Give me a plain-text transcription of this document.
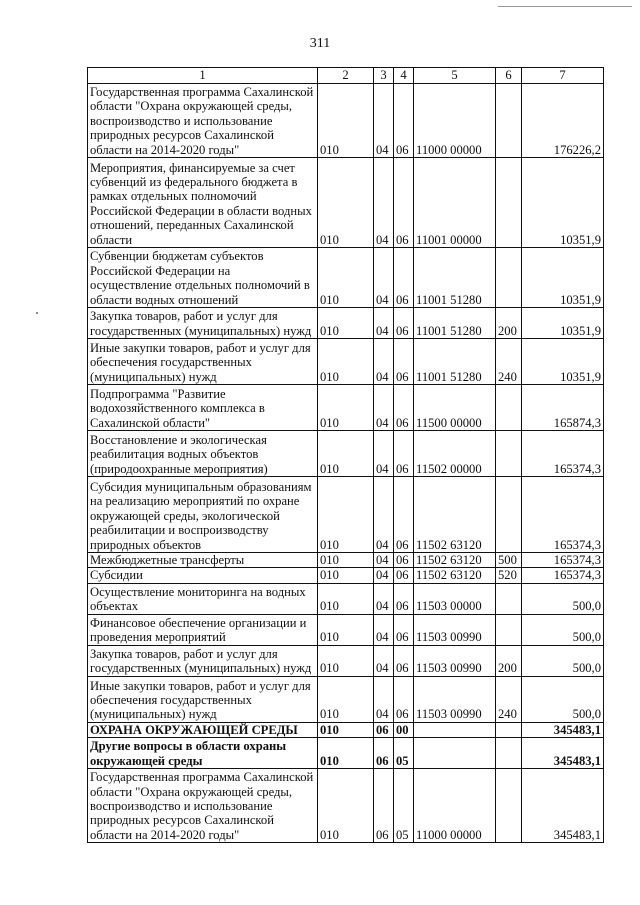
311
1	2	3	4	5	6	7
Государственная программа Сахалинской области "Охрана окружающей среды, воспроизводство и использование природных ресурсов Сахалинской области на 2014-2020 годы"	010	04	06	11000 00000		176226,2
Мероприятия, финансируемые за счет субвенций из федерального бюджета в рамках отдельных полномочий Российской Федерации в области водных отношений, переданных Сахалинской области	010	04	06	11001 00000		10351,9
Субвенции бюджетам субъектов Российской Федерации на осуществление отдельных полномочий в области водных отношений	010	04	06	11001 51280		10351,9
Закупка товаров, работ и услуг для государственных (муниципальных) нужд	010	04	06	11001 51280	200	10351,9
Иные закупки товаров, работ и услуг для обеспечения государственных (муниципальных) нужд	010	04	06	11001 51280	240	10351,9
Подпрограмма "Развитие водохозяйственного комплекса в Сахалинской области"	010	04	06	11500 00000		165874,3
Восстановление и экологическая реабилитация водных объектов (природоохранные мероприятия)	010	04	06	11502 00000		165374,3
Субсидия муниципальным образованиям на реализацию мероприятий по охране окружающей среды, экологической реабилитации и воспроизводству природных объектов	010	04	06	11502 63120		165374,3
Межбюджетные трансферты	010	04	06	11502 63120	500	165374,3
Субсидии	010	04	06	11502 63120	520	165374,3
Осуществление мониторинга на водных объектах	010	04	06	11503 00000		500,0
Финансовое обеспечение организации и проведения мероприятий	010	04	06	11503 00990		500,0
Закупка товаров, работ и услуг для государственных (муниципальных) нужд	010	04	06	11503 00990	200	500,0
Иные закупки товаров, работ и услуг для обеспечения государственных (муниципальных) нужд	010	04	06	11503 00990	240	500,0
ОХРАНА ОКРУЖАЮЩЕЙ СРЕДЫ	010	06	00			345483,1
Другие вопросы в области охраны окружающей среды	010	06	05			345483,1
Государственная программа Сахалинской области "Охрана окружающей среды, воспроизводство и использование природных ресурсов Сахалинской области на 2014-2020 годы"	010	06	05	11000 00000		345483,1
